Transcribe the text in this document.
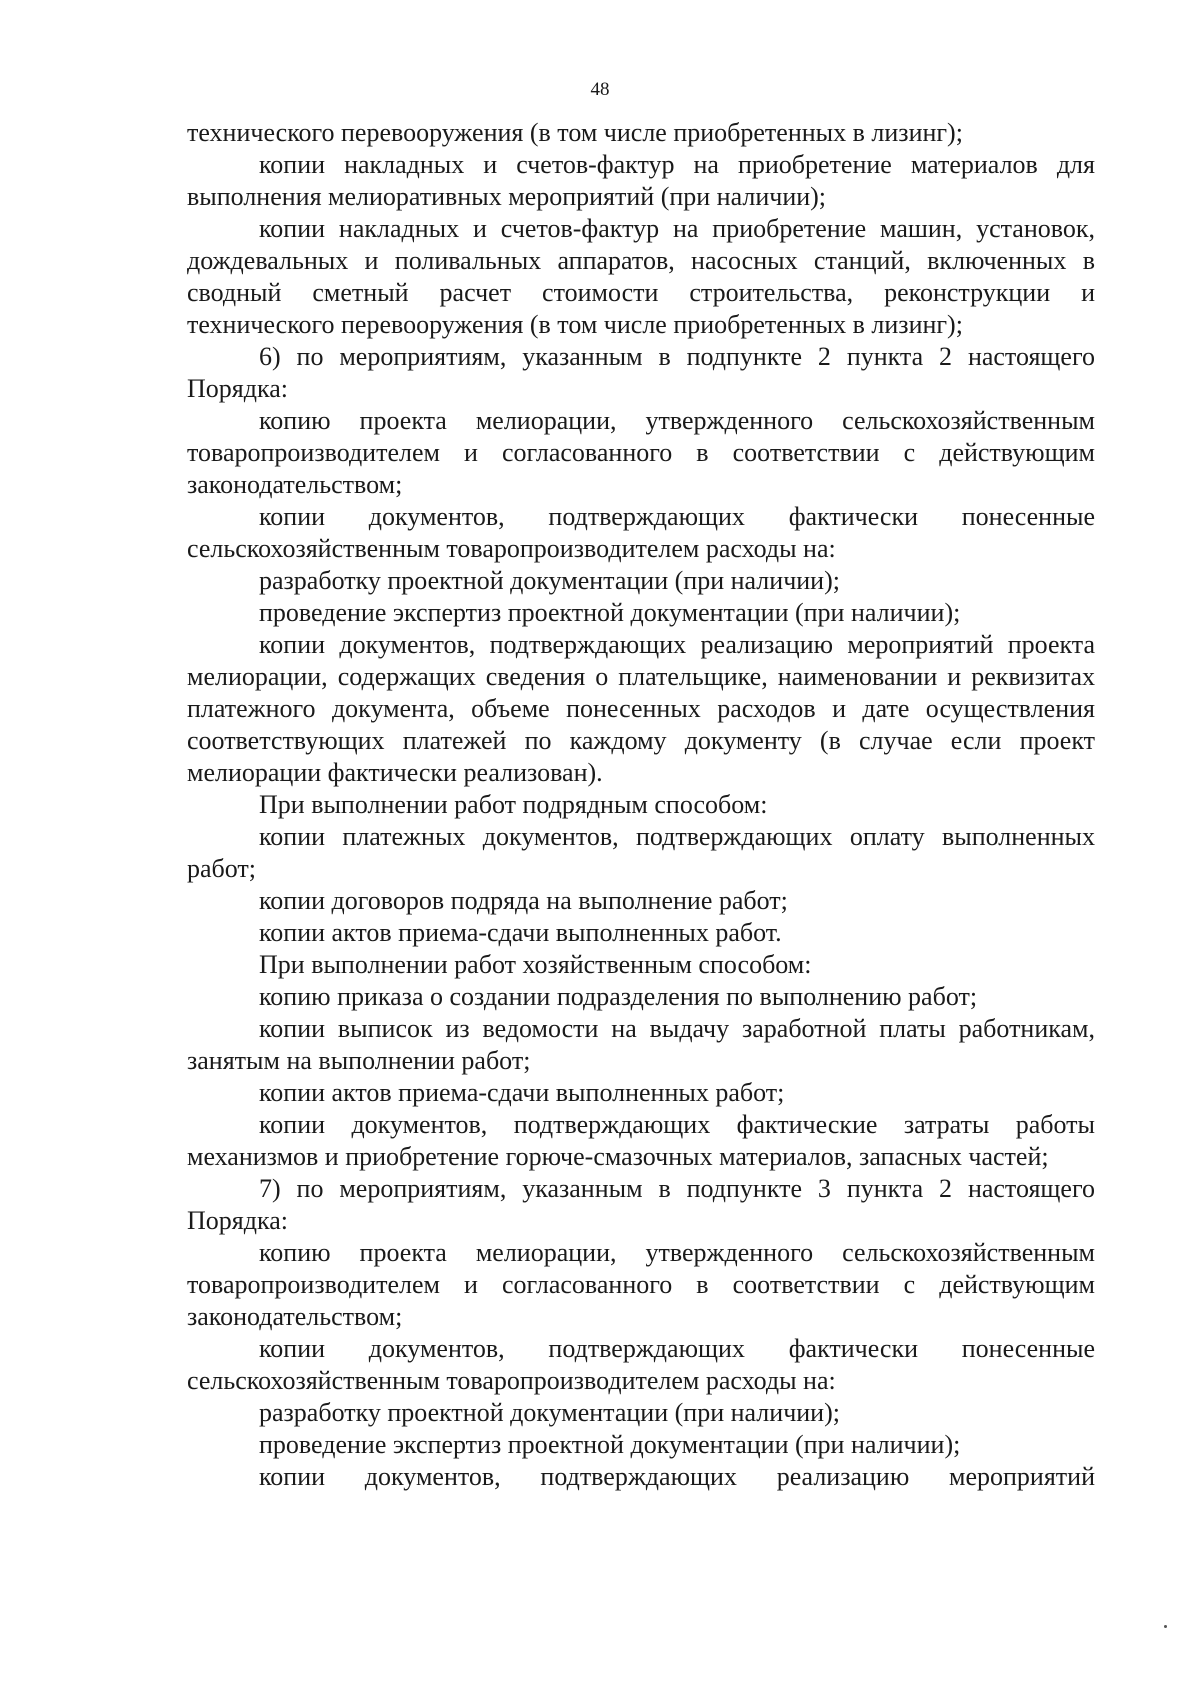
48

технического перевооружения (в том числе приобретенных в лизинг);

копии накладных и счетов-фактур на приобретение материалов для выполнения мелиоративных мероприятий (при наличии);

копии накладных и счетов-фактур на приобретение машин, установок, дождевальных и поливальных аппаратов, насосных станций, включенных в сводный сметный расчет стоимости строительства, реконструкции и технического перевооружения (в том числе приобретенных в лизинг);

6) по мероприятиям, указанным в подпункте 2 пункта 2 настоящего Порядка:

копию проекта мелиорации, утвержденного сельскохозяйственным товаропроизводителем и согласованного в соответствии с действующим законодательством;

копии документов, подтверждающих фактически понесенные сельскохозяйственным товаропроизводителем расходы на:

разработку проектной документации (при наличии);

проведение экспертиз проектной документации (при наличии);

копии документов, подтверждающих реализацию мероприятий проекта мелиорации, содержащих сведения о плательщике, наименовании и реквизитах платежного документа, объеме понесенных расходов и дате осуществления соответствующих платежей по каждому документу (в случае если проект мелиорации фактически реализован).

При выполнении работ подрядным способом:

копии платежных документов, подтверждающих оплату выполненных работ;

копии договоров подряда на выполнение работ;

копии актов приема-сдачи выполненных работ.

При выполнении работ хозяйственным способом:

копию приказа о создании подразделения по выполнению работ;

копии выписок из ведомости на выдачу заработной платы работникам, занятым на выполнении работ;

копии актов приема-сдачи выполненных работ;

копии документов, подтверждающих фактические затраты работы механизмов и приобретение горюче-смазочных материалов, запасных частей;

7) по мероприятиям, указанным в подпункте 3 пункта 2 настоящего Порядка:

копию проекта мелиорации, утвержденного сельскохозяйственным товаропроизводителем и согласованного в соответствии с действующим законодательством;

копии документов, подтверждающих фактически понесенные сельскохозяйственным товаропроизводителем расходы на:

разработку проектной документации (при наличии);

проведение экспертиз проектной документации (при наличии);

копии документов, подтверждающих реализацию мероприятий
